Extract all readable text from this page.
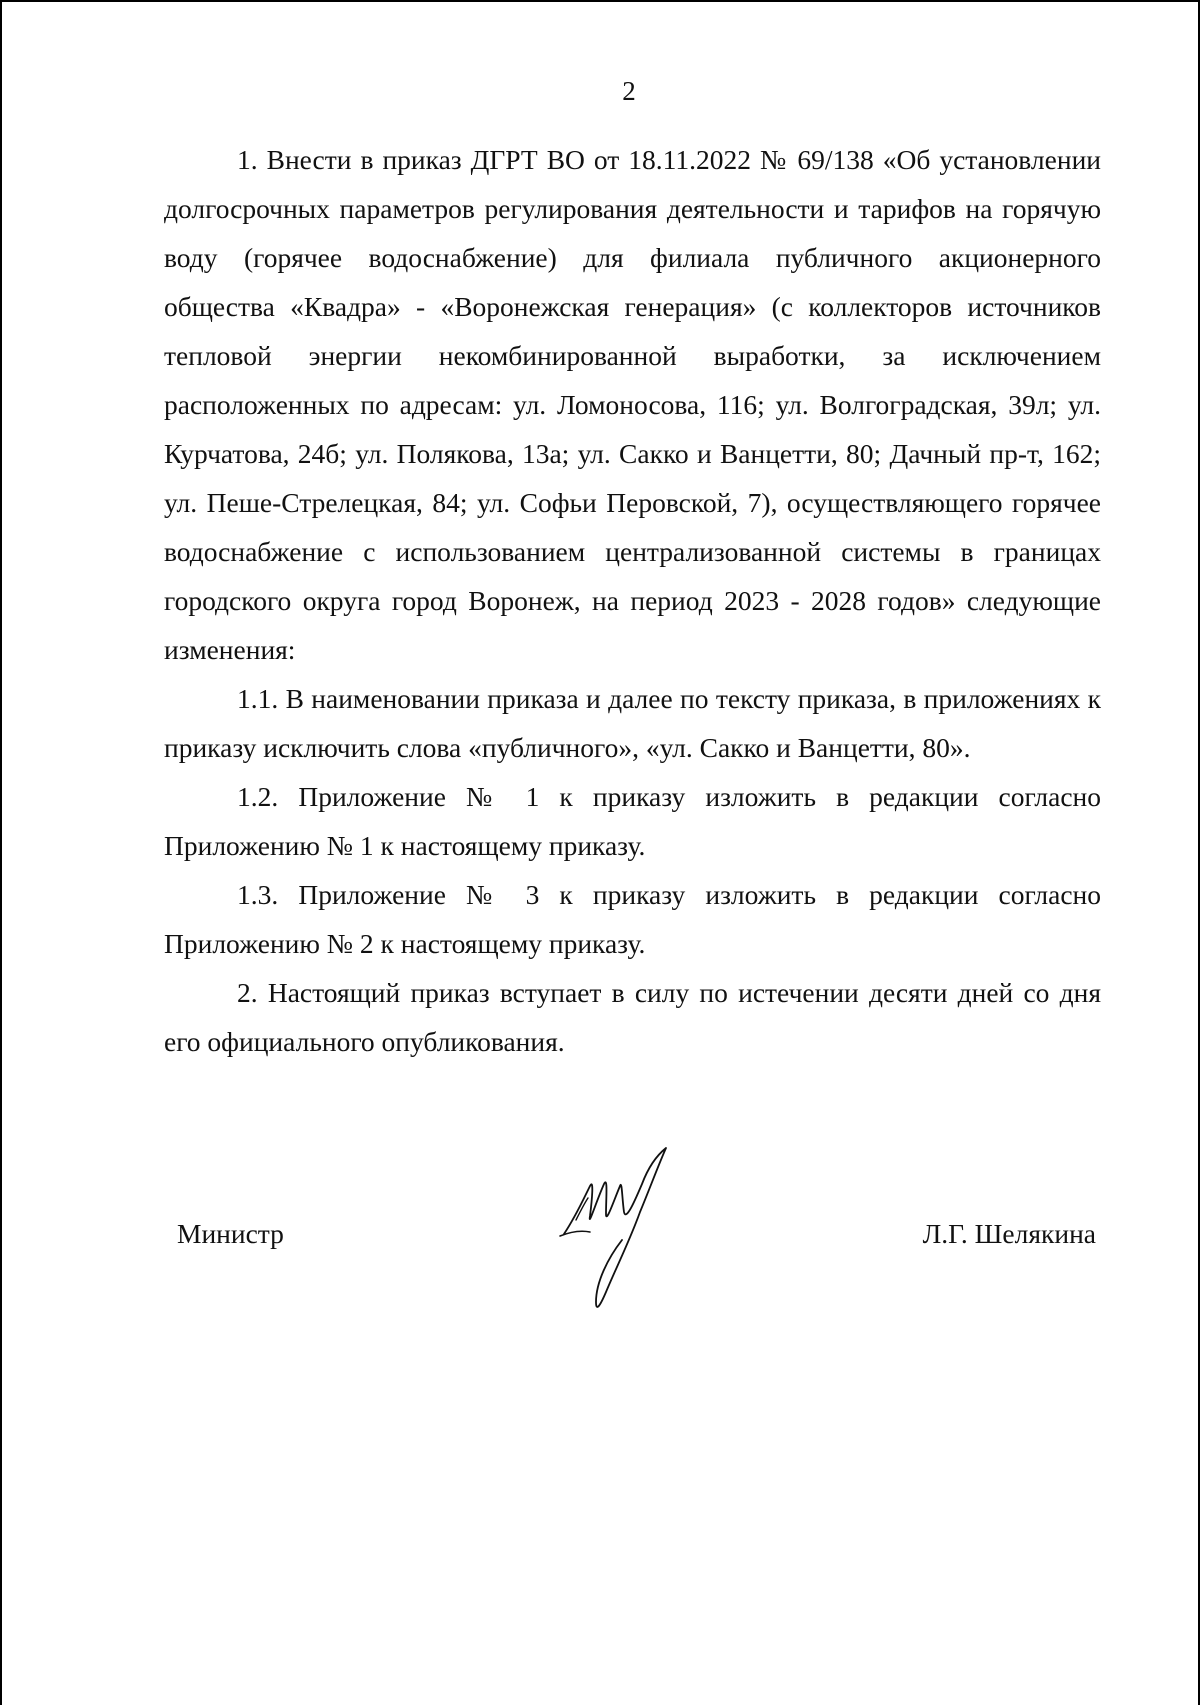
2

1. Внести в приказ ДГРТ ВО от 18.11.2022 № 69/138 «Об установлении долгосрочных параметров регулирования деятельности и тарифов на горячую воду (горячее водоснабжение) для филиала публичного акционерного общества «Квадра» - «Воронежская генерация» (с коллекторов источников тепловой энергии некомбинированной выработки, за исключением расположенных по адресам: ул. Ломоносова, 116; ул. Волгоградская, 39л; ул. Курчатова, 24б; ул. Полякова, 13а; ул. Сакко и Ванцетти, 80; Дачный пр-т, 162; ул. Пеше-Стрелецкая, 84; ул. Софьи Перовской, 7), осуществляющего горячее водоснабжение с использованием централизованной системы в границах городского округа город Воронеж, на период 2023 - 2028 годов» следующие изменения:

1.1. В наименовании приказа и далее по тексту приказа, в приложениях к приказу исключить слова «публичного», «ул. Сакко и Ванцетти, 80».

1.2. Приложение № 1 к приказу изложить в редакции согласно Приложению № 1 к настоящему приказу.

1.3. Приложение № 3 к приказу изложить в редакции согласно Приложению № 2 к настоящему приказу.

2. Настоящий приказ вступает в силу по истечении десяти дней со дня его официального опубликования.

Министр	Л.Г. Шелякина
